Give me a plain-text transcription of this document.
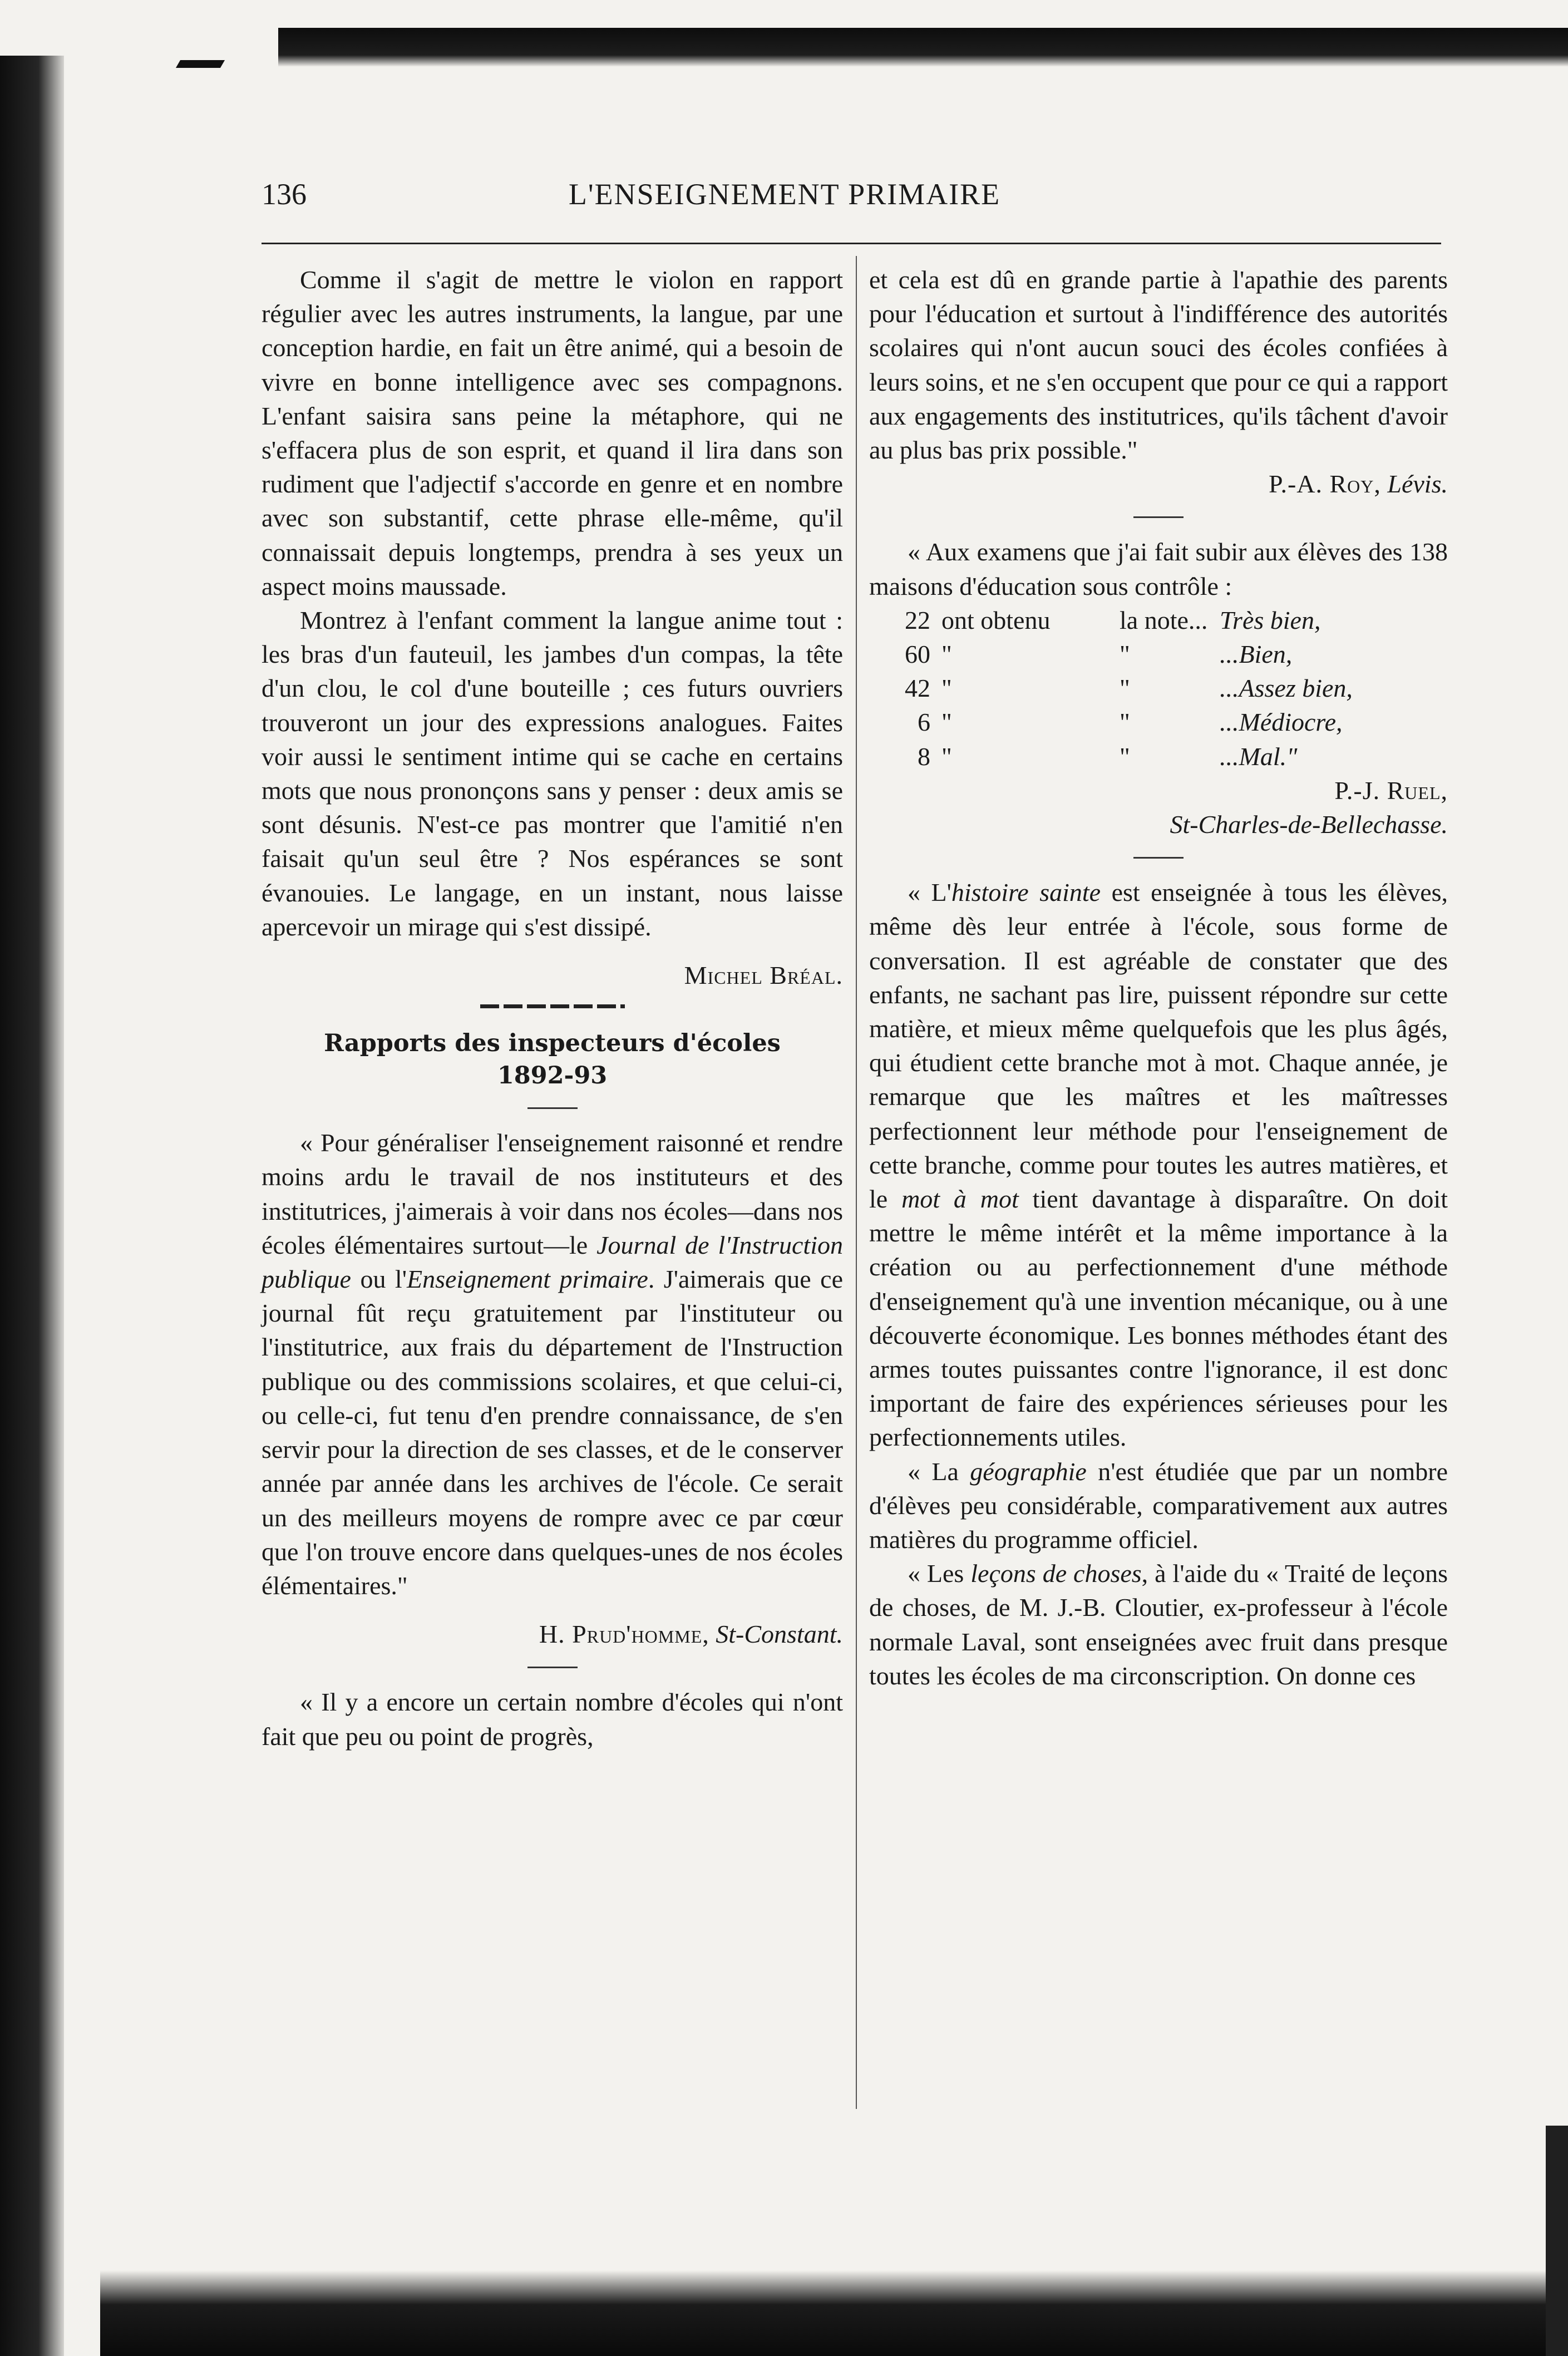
136	L'ENSEIGNEMENT PRIMAIRE

Comme il s'agit de mettre le violon en rapport régulier avec les autres instruments, la langue, par une conception hardie, en fait un être animé, qui a besoin de vivre en bonne intelligence avec ses compagnons. L'enfant saisira sans peine la métaphore, qui ne s'effacera plus de son esprit, et quand il lira dans son rudiment que l'adjectif s'accorde en genre et en nombre avec son substantif, cette phrase elle-même, qu'il connaissait depuis longtemps, prendra à ses yeux un aspect moins maussade.

Montrez à l'enfant comment la langue anime tout : les bras d'un fauteuil, les jambes d'un compas, la tête d'un clou, le col d'une bouteille ; ces futurs ouvriers trouveront un jour des expressions analogues. Faites voir aussi le sentiment intime qui se cache en certains mots que nous prononçons sans y penser : deux amis se sont désunis. N'est-ce pas montrer que l'amitié n'en faisait qu'un seul être ? Nos espérances se sont évanouies. Le langage, en un instant, nous laisse apercevoir un mirage qui s'est dissipé.

Michel Bréal.

Rapports des inspecteurs d'écoles

1892-93

« Pour généraliser l'enseignement raisonné et rendre moins ardu le travail de nos instituteurs et des institutrices, j'aimerais à voir dans nos écoles—dans nos écoles élémentaires surtout—le Journal de l'Instruction publique ou l'Enseignement primaire. J'aimerais que ce journal fût reçu gratuitement par l'instituteur ou l'institutrice, aux frais du département de l'Instruction publique ou des commissions scolaires, et que celui-ci, ou celle-ci, fut tenu d'en prendre connaissance, de s'en servir pour la direction de ses classes, et de le conserver année par année dans les archives de l'école. Ce serait un des meilleurs moyens de rompre avec ce par cœur que l'on trouve encore dans quelques-unes de nos écoles élémentaires."

H. Prud'homme, St-Constant.

« Il y a encore un certain nombre d'écoles qui n'ont fait que peu ou point de progrès,

et cela est dû en grande partie à l'apathie des parents pour l'éducation et surtout à l'indifférence des autorités scolaires qui n'ont aucun souci des écoles confiées à leurs soins, et ne s'en occupent que pour ce qui a rapport aux engagements des institutrices, qu'ils tâchent d'avoir au plus bas prix possible."

P.-A. Roy, Lévis.

« Aux examens que j'ai fait subir aux élèves des 138 maisons d'éducation sous contrôle :

22 ont obtenu	la note... Très bien,
60 "	"	...Bien,
42 "	"	...Assez bien,
6 "	"	...Médiocre,
8 "	"	...Mal."

P.-J. Ruel,

St-Charles-de-Bellechasse.

« L'histoire sainte est enseignée à tous les élèves, même dès leur entrée à l'école, sous forme de conversation. Il est agréable de constater que des enfants, ne sachant pas lire, puissent répondre sur cette matière, et mieux même quelquefois que les plus âgés, qui étudient cette branche mot à mot. Chaque année, je remarque que les maîtres et les maîtresses perfectionnent leur méthode pour l'enseignement de cette branche, comme pour toutes les autres matières, et le mot à mot tient davantage à disparaître. On doit mettre le même intérêt et la même importance à la création ou au perfectionnement d'une méthode d'enseignement qu'à une invention mécanique, ou à une découverte économique. Les bonnes méthodes étant des armes toutes puissantes contre l'ignorance, il est donc important de faire des expériences sérieuses pour les perfectionnements utiles.

« La géographie n'est étudiée que par un nombre d'élèves peu considérable, comparativement aux autres matières du programme officiel.

« Les leçons de choses, à l'aide du « Traité de leçons de choses, de M. J.-B. Cloutier, ex-professeur à l'école normale Laval, sont enseignées avec fruit dans presque toutes les écoles de ma circonscription. On donne ces
